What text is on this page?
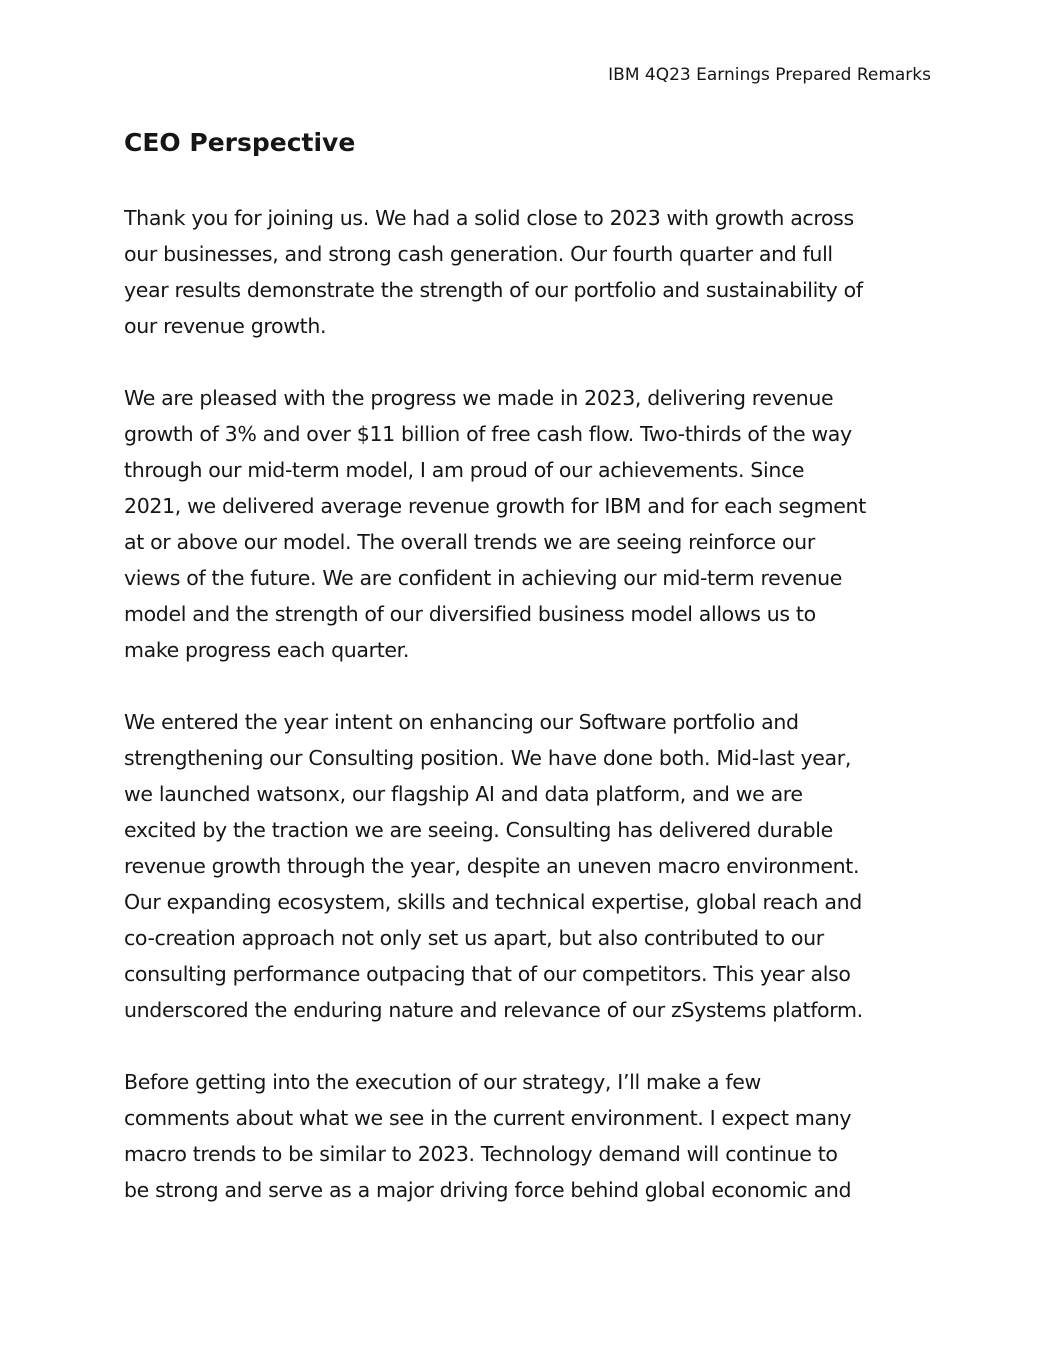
IBM 4Q23 Earnings Prepared Remarks
CEO Perspective

Thank you for joining us. We had a solid close to 2023 with growth across
our businesses, and strong cash generation. Our fourth quarter and full
year results demonstrate the strength of our portfolio and sustainability of
our revenue growth.

We are pleased with the progress we made in 2023, delivering revenue
growth of 3% and over $11 billion of free cash flow. Two-thirds of the way
through our mid-term model, I am proud of our achievements. Since
2021, we delivered average revenue growth for IBM and for each segment
at or above our model. The overall trends we are seeing reinforce our
views of the future. We are confident in achieving our mid-term revenue
model and the strength of our diversified business model allows us to
make progress each quarter.

We entered the year intent on enhancing our Software portfolio and
strengthening our Consulting position. We have done both. Mid-last year,
we launched watsonx, our flagship AI and data platform, and we are
excited by the traction we are seeing. Consulting has delivered durable
revenue growth through the year, despite an uneven macro environment.
Our expanding ecosystem, skills and technical expertise, global reach and
co-creation approach not only set us apart, but also contributed to our
consulting performance outpacing that of our competitors. This year also
underscored the enduring nature and relevance of our zSystems platform.

Before getting into the execution of our strategy, I’ll make a few
comments about what we see in the current environment. I expect many
macro trends to be similar to 2023. Technology demand will continue to
be strong and serve as a major driving force behind global economic and
